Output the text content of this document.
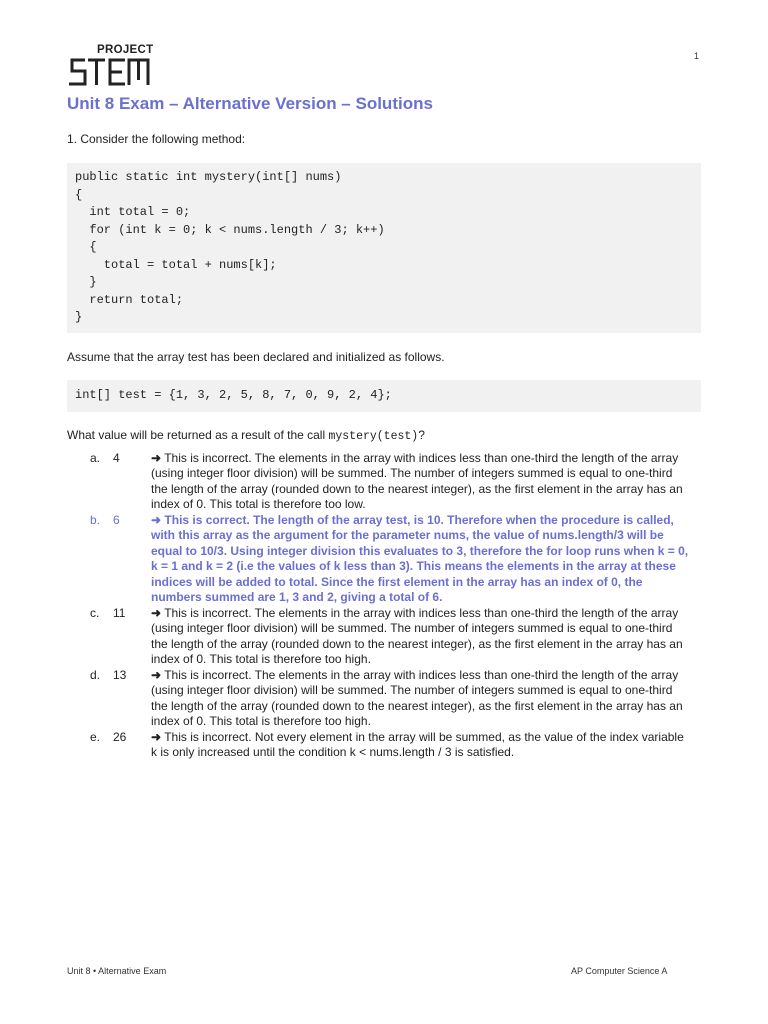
PROJECT
STEM	1
Unit 8 Exam – Alternative Version – Solutions
1. Consider the following method:
public static int mystery(int[] nums)
{
int total = 0;
for (int k = 0; k < nums.length / 3; k++)
{
total = total + nums[k];
}
return total;
}
Assume that the array test has been declared and initialized as follows.
int[] test = {1, 3, 2, 5, 8, 7, 0, 9, 2, 4};
What value will be returned as a result of the call mystery(test)?
a. 4	➜ This is incorrect. The elements in the array with indices less than one-third the length of the array (using integer floor division) will be summed. The number of integers summed is equal to one-third the length of the array (rounded down to the nearest integer), as the first element in the array has an index of 0. This total is therefore too low.
b. 6	➜ This is correct. The length of the array test, is 10. Therefore when the procedure is called, with this array as the argument for the parameter nums, the value of nums.length/3 will be equal to 10/3. Using integer division this evaluates to 3, therefore the for loop runs when k = 0, k = 1 and k = 2 (i.e the values of k less than 3). This means the elements in the array at these indices will be added to total. Since the first element in the array has an index of 0, the numbers summed are 1, 3 and 2, giving a total of 6.
c. 11 ➜ This is incorrect. The elements in the array with indices less than one-third the length of the array (using integer floor division) will be summed. The number of integers summed is equal to one-third the length of the array (rounded down to the nearest integer), as the first element in the array has an index of 0. This total is therefore too high.
d. 13 ➜ This is incorrect. The elements in the array with indices less than one-third the length of the array (using integer floor division) will be summed. The number of integers summed is equal to one-third the length of the array (rounded down to the nearest integer), as the first element in the array has an index of 0. This total is therefore too high.
e. 26 ➜ This is incorrect. Not every element in the array will be summed, as the value of the index variable k is only increased until the condition k < nums.length / 3 is satisfied.
Unit 8 • Alternative Exam	AP Computer Science A
